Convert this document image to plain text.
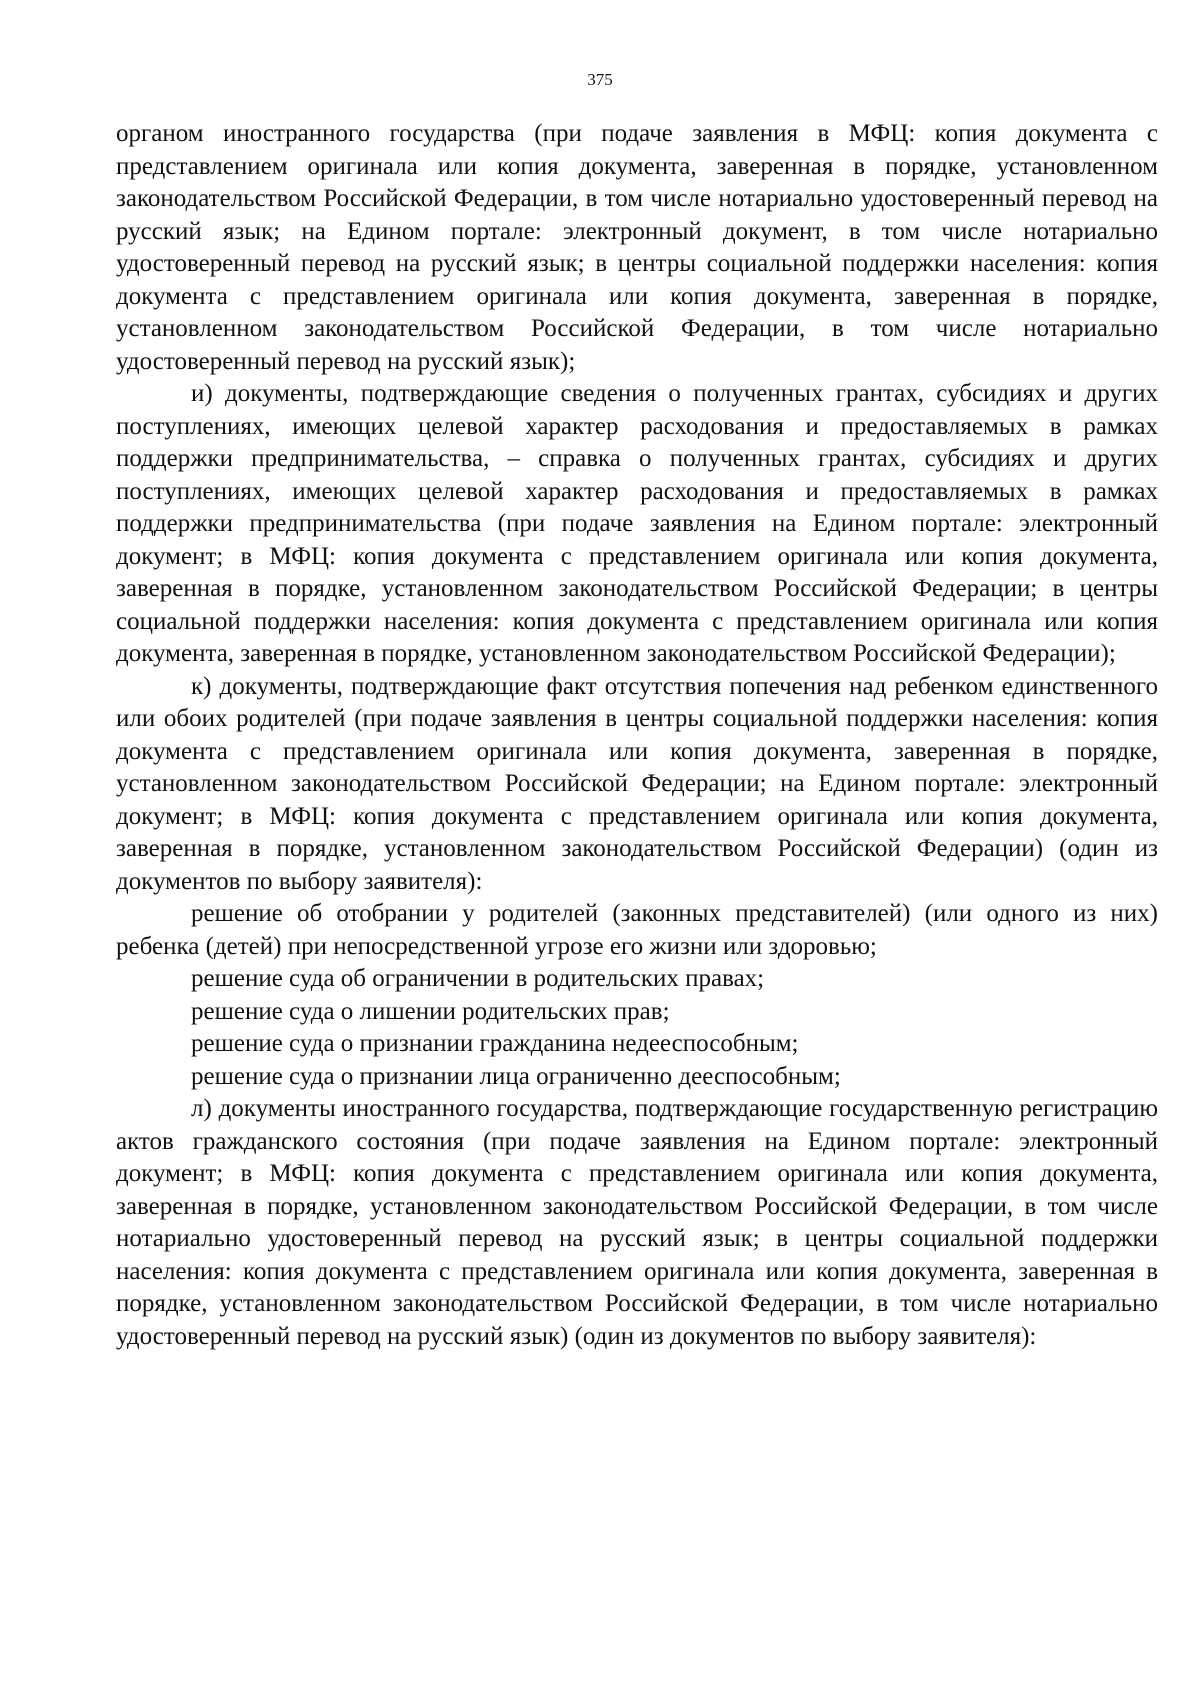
375

органом иностранного государства (при подаче заявления в МФЦ: копия документа с представлением оригинала или копия документа, заверенная в порядке, установленном законодательством Российской Федерации, в том числе нотариально удостоверенный перевод на русский язык; на Едином портале: электронный документ, в том числе нотариально удостоверенный перевод на русский язык; в центры социальной поддержки населения: копия документа с представлением оригинала или копия документа, заверенная в порядке, установленном законодательством Российской Федерации, в том числе нотариально удостоверенный перевод на русский язык);

и) документы, подтверждающие сведения о полученных грантах, субсидиях и других поступлениях, имеющих целевой характер расходования и предоставляемых в рамках поддержки предпринимательства, – справка о полученных грантах, субсидиях и других поступлениях, имеющих целевой характер расходования и предоставляемых в рамках поддержки предпринимательства (при подаче заявления на Едином портале: электронный документ; в МФЦ: копия документа с представлением оригинала или копия документа, заверенная в порядке, установленном законодательством Российской Федерации; в центры социальной поддержки населения: копия документа с представлением оригинала или копия документа, заверенная в порядке, установленном законодательством Российской Федерации);

к) документы, подтверждающие факт отсутствия попечения над ребенком единственного или обоих родителей (при подаче заявления в центры социальной поддержки населения: копия документа с представлением оригинала или копия документа, заверенная в порядке, установленном законодательством Российской Федерации; на Едином портале: электронный документ; в МФЦ: копия документа с представлением оригинала или копия документа, заверенная в порядке, установленном законодательством Российской Федерации) (один из документов по выбору заявителя):

решение об отобрании у родителей (законных представителей) (или одного из них) ребенка (детей) при непосредственной угрозе его жизни или здоровью;

решение суда об ограничении в родительских правах;

решение суда о лишении родительских прав;

решение суда о признании гражданина недееспособным;

решение суда о признании лица ограниченно дееспособным;

л) документы иностранного государства, подтверждающие государственную регистрацию актов гражданского состояния (при подаче заявления на Едином портале: электронный документ; в МФЦ: копия документа с представлением оригинала или копия документа, заверенная в порядке, установленном законодательством Российской Федерации, в том числе нотариально удостоверенный перевод на русский язык; в центры социальной поддержки населения: копия документа с представлением оригинала или копия документа, заверенная в порядке, установленном законодательством Российской Федерации, в том числе нотариально удостоверенный перевод на русский язык) (один из документов по выбору заявителя):
